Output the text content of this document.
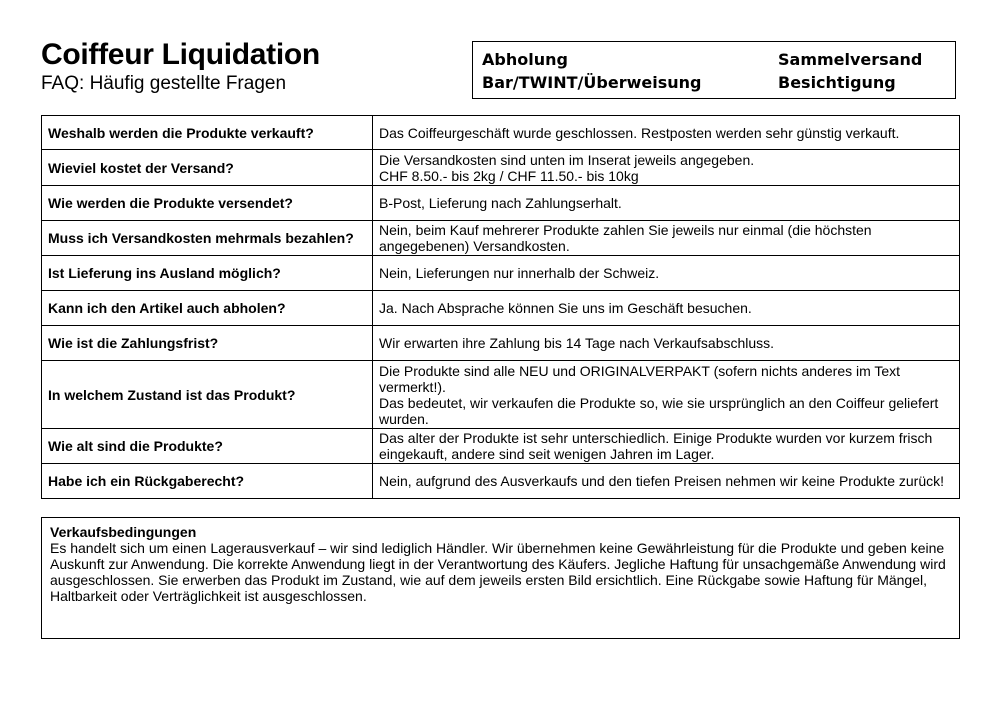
Coiffeur Liquidation
FAQ: Häufig gestellte Fragen
Abholung	Sammelversand
Bar/TWINT/Überweisung	Besichtigung
Weshalb werden die Produkte verkauft?	Das Coiffeurgeschäft wurde geschlossen. Restposten werden sehr günstig verkauft.

Wieviel kostet der Versand?	Die Versandkosten sind unten im Inserat jeweils angegeben.
CHF 8.50.- bis 2kg / CHF 11.50.- bis 10kg

Wie werden die Produkte versendet?	B-Post, Lieferung nach Zahlungserhalt.

Muss ich Versandkosten mehrmals bezahlen?	Nein, beim Kauf mehrerer Produkte zahlen Sie jeweils nur einmal (die höchsten angegebenen) Versandkosten.

Ist Lieferung ins Ausland möglich?	Nein, Lieferungen nur innerhalb der Schweiz.

Kann ich den Artikel auch abholen?	Ja. Nach Absprache können Sie uns im Geschäft besuchen.

Wie ist die Zahlungsfrist?	Wir erwarten ihre Zahlung bis 14 Tage nach Verkaufsabschluss.

In welchem Zustand ist das Produkt?	Die Produkte sind alle NEU und ORIGINALVERPAKT (sofern nichts anderes im Text vermerkt!).
Das bedeutet, wir verkaufen die Produkte so, wie sie ursprünglich an den Coiffeur geliefert wurden.

Wie alt sind die Produkte?	Das alter der Produkte ist sehr unterschiedlich. Einige Produkte wurden vor kurzem frisch eingekauft, andere sind seit wenigen Jahren im Lager.

Habe ich ein Rückgaberecht?	Nein, aufgrund des Ausverkaufs und den tiefen Preisen nehmen wir keine Produkte zurück!
Verkaufsbedingungen
Es handelt sich um einen Lagerausverkauf – wir sind lediglich Händler. Wir übernehmen keine Gewährleistung für die Produkte und geben keine Auskunft zur Anwendung. Die korrekte Anwendung liegt in der Verantwortung des Käufers. Jegliche Haftung für unsachgemäße Anwendung wird ausgeschlossen. Sie erwerben das Produkt im Zustand, wie auf dem jeweils ersten Bild ersichtlich. Eine Rückgabe sowie Haftung für Mängel, Haltbarkeit oder Verträglichkeit ist ausgeschlossen.
